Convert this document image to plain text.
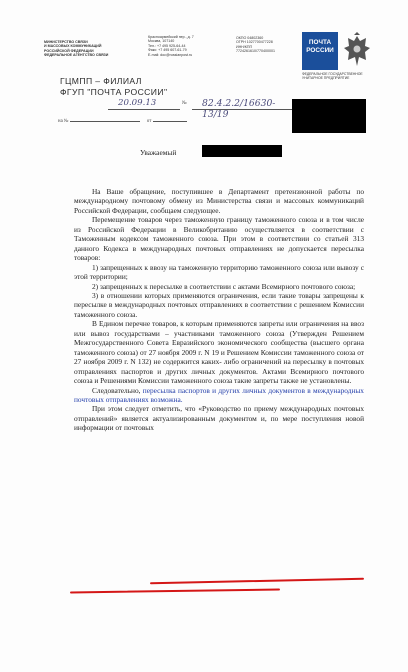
МИНИСТЕРСТВО СВЯЗИ
И МАССОВЫХ КОММУНИКАЦИЙ
РОССИЙСКОЙ ФЕДЕРАЦИИ
ФЕДЕРАЛЬНОЕ АГЕНТСТВО СВЯЗИ
Красноармейский пер., д. 7
Москва, 107140
Тел.: +7 495 925-64-44
Факс: +7 495 607-61-79
E-mail: doc@russianpost.ru
ОКПО 04802360
ОГРН 1027700477228
ИНН/КПП
7724261610/770400001
ПОЧТА
РОССИИ
ФЕДЕРАЛЬНОЕ ГОСУДАРСТВЕННОЕ
УНИТАРНОЕ ПРЕДПРИЯТИЕ
ГЦМПП – ФИЛИАЛ
ФГУП "ПОЧТА РОССИИ"
20.09.13	№ 82.4.2.2/16630-13/19
на №	от
Уважаемый

На Ваше обращение, поступившее в Департамент претензионной работы по международному почтовому обмену из Министерства связи и массовых коммуникаций Российской Федерации, сообщаем следующее.

Перемещение товаров через таможенную границу таможенного союза и в том числе из Российской Федерации в Великобританию осуществляется в соответствии с Таможенным кодексом таможенного союза. При этом в соответствии со статьей 313 данного Кодекса в международных почтовых отправлениях не допускается пересылка товаров:

1) запрещенных к ввозу на таможенную территорию таможенного союза или вывозу с этой территории;

2) запрещенных к пересылке в соответствии с актами Всемирного почтового союза;

3) в отношении которых применяются ограничения, если такие товары запрещены к пересылке в международных почтовых отправлениях в соответствии с решением Комиссии таможенного союза.

В Едином перечне товаров, к которым применяются запреты или ограничения на ввоз или вывоз государствами – участниками таможенного союза (Утвержден Решением Межгосударственного Совета Евразийского экономического сообщества (высшего органа таможенного союза) от 27 ноября 2009 г. N 19 и Решением Комиссии таможенного союза от 27 ноября 2009 г. N 132) не содержится каких- либо ограничений на пересылку в почтовых отправлениях паспортов и других личных документов. Актами Всемирного почтового союза и Решениями Комиссии таможенного союза такие запреты также не установлены.

Следовательно, пересылка паспортов и других личных документов в международных почтовых отправлениях возможна.

При этом следует отметить, что «Руководство по приему международных почтовых отправлений» является актуализированным документом и, по мере поступления новой информации от почтовых
